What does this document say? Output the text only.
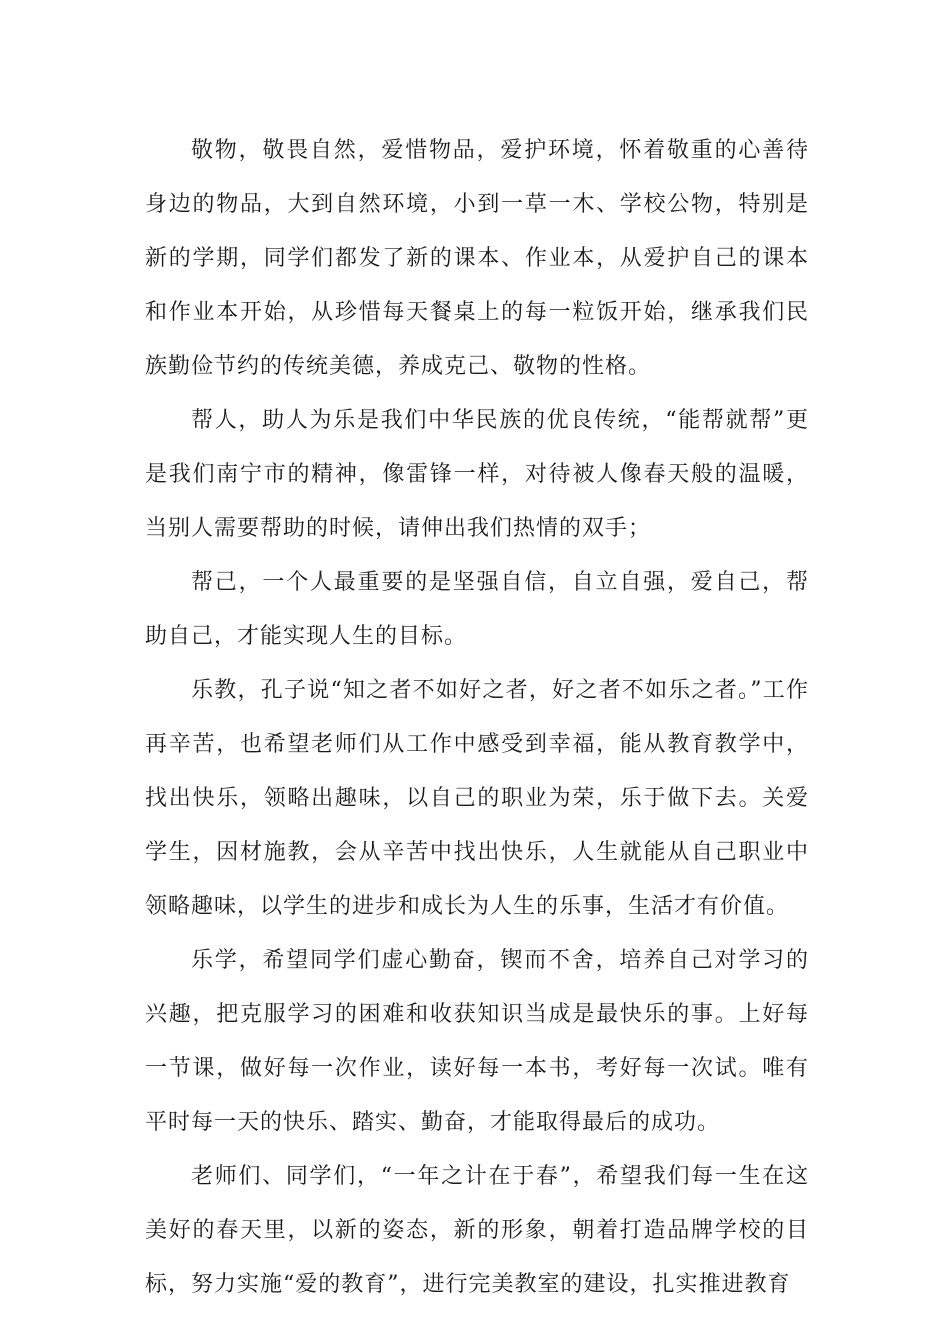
敬物，敬畏自然，爱惜物品，爱护环境，怀着敬重的心善待身边的物品，大到自然环境，小到一草一木、学校公物，特别是新的学期，同学们都发了新的课本、作业本，从爱护自己的课本和作业本开始，从珍惜每天餐桌上的每一粒饭开始，继承我们民族勤俭节约的传统美德，养成克己、敬物的性格。

帮人，助人为乐是我们中华民族的优良传统，“能帮就帮”更是我们南宁市的精神，像雷锋一样，对待被人像春天般的温暖，当别人需要帮助的时候，请伸出我们热情的双手；

帮己，一个人最重要的是坚强自信，自立自强，爱自己，帮助自己，才能实现人生的目标。

乐教，孔子说“知之者不如好之者，好之者不如乐之者。”工作再辛苦，也希望老师们从工作中感受到幸福，能从教育教学中，找出快乐，领略出趣味，以自己的职业为荣，乐于做下去。关爱学生，因材施教，会从辛苦中找出快乐，人生就能从自己职业中领略趣味，以学生的进步和成长为人生的乐事，生活才有价值。

乐学，希望同学们虚心勤奋，锲而不舍，培养自己对学习的兴趣，把克服学习的困难和收获知识当成是最快乐的事。上好每一节课，做好每一次作业，读好每一本书，考好每一次试。唯有平时每一天的快乐、踏实、勤奋，才能取得最后的成功。

老师们、同学们，“一年之计在于春”，希望我们每一生在这美好的春天里，以新的姿态，新的形象，朝着打造品牌学校的目标，努力实施“爱的教育”，进行完美教室的建设，扎实推进教育
